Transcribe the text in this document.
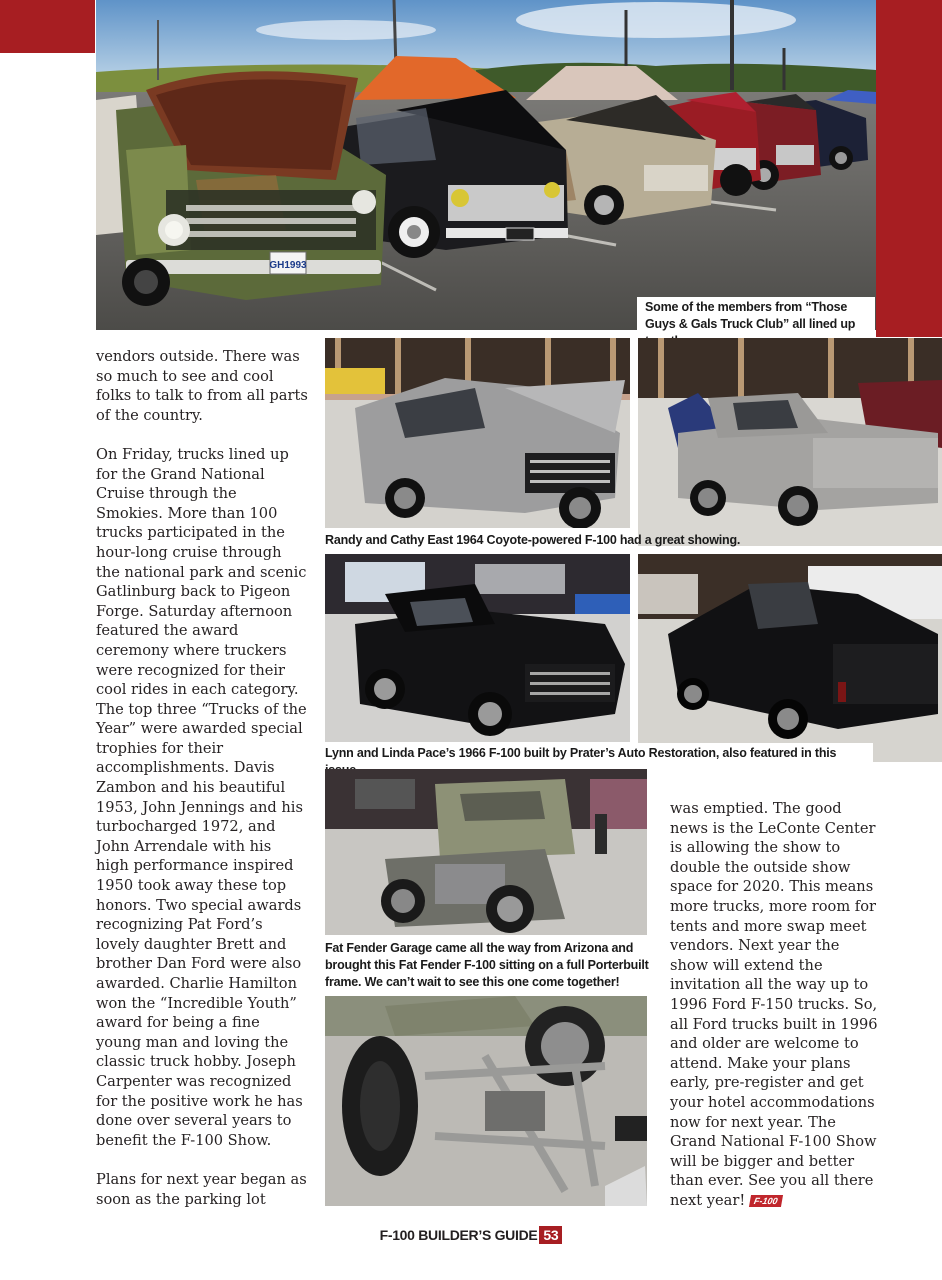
GH1993
Some of the members from “Those Guys & Gals Truck Club” all lined up

vendors outside. There was so much to see and cool folks to talk to from all parts of the country.

On Friday, trucks lined up for the Grand National Cruise through the Smokies. More than 100 trucks participated in the hour-long cruise through the national park and scenic Gatlinburg back to Pigeon Forge. Saturday afternoon featured the award ceremony where truckers were recognized for their cool rides in each category. The top three “Trucks of the Year” were awarded special trophies for their accomplishments. Davis Zambon and his beautiful 1953, John Jennings and his turbocharged 1972, and John Arrendale with his high performance inspired 1950 took away these top honors. Two special awards recognizing Pat Ford’s lovely daughter Brett and brother Dan Ford were also awarded. Charlie Hamilton won the “Incredible Youth” award for being a fine young man and loving the classic truck hobby. Joseph Carpenter was recognized for the positive work he has done over several years to benefit the F-100 Show.

Plans for next year began as soon as the parking lot

Randy and Cathy East 1964 Coyote-powered F-100 had a great showing.
Lynn and Linda Pace’s 1966 F-100 built by Prater’s Auto Restoration, also featured in this
Fat Fender Garage came all the way from Arizona and brought this Fat Fender F-100 sitting on a full Porterbuilt frame. We can’t wait to see this one come together!

was emptied. The good news is the LeConte Center is allowing the show to double the outside show space for 2020. This means more trucks, more room for tents and more swap meet vendors. Next year the show will extend the invitation all the way up to 1996 Ford F-150 trucks. So, all Ford trucks built in 1996 and older are welcome to attend. Make your plans early, pre-register and get your hotel accommodations now for next year. The Grand National F-100 Show will be bigger and better than ever. See you all there next year! F-100

F-100 BUILDER’S GUIDE 53
